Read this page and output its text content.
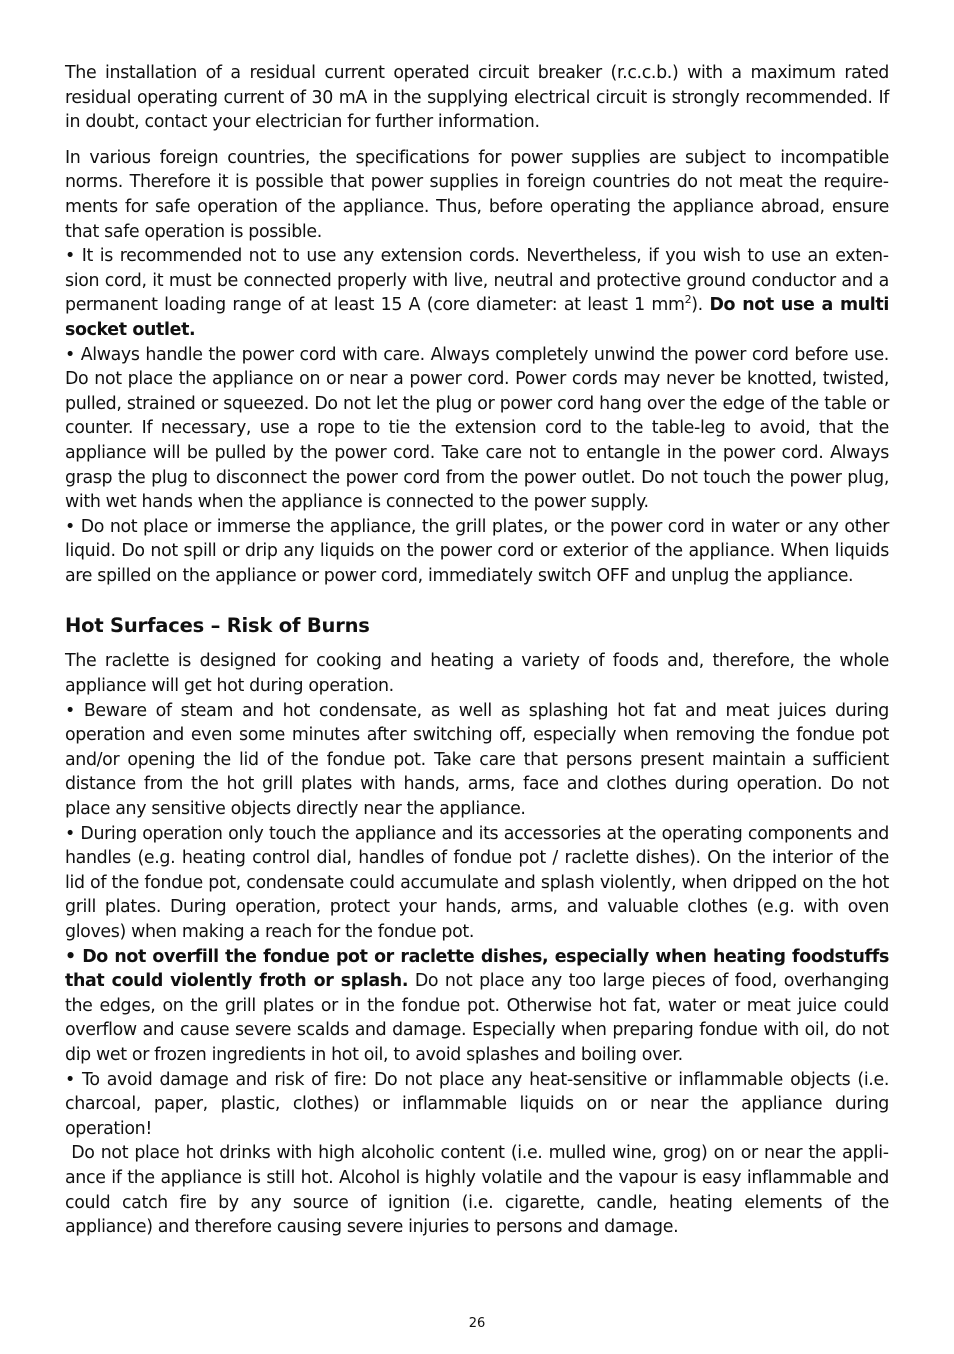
The installation of a residual current operated circuit breaker (r.c.c.b.) with a maximum rated residual operating current of 30 mA in the supplying electrical circuit is strongly recommended. If in doubt, contact your electrician for further information.

In various foreign countries, the specifications for power supplies are subject to incompatible norms. Therefore it is possible that power supplies in foreign countries do not meat the requirements for safe operation of the appliance. Thus, before operating the appliance abroad, ensure that safe operation is possible.

• It is recommended not to use any extension cords. Nevertheless, if you wish to use an extension cord, it must be connected properly with live, neutral and protective ground conductor and a permanent loading range of at least 15 A (core diameter: at least 1 $mm^2$). Do not use a multi socket outlet.

• Always handle the power cord with care. Always completely unwind the power cord before use. Do not place the appliance on or near a power cord. Power cords may never be knotted, twisted, pulled, strained or squeezed. Do not let the plug or power cord hang over the edge of the table or counter. If necessary, use a rope to tie the extension cord to the table-leg to avoid, that the appliance will be pulled by the power cord. Take care not to entangle in the power cord. Always grasp the plug to disconnect the power cord from the power outlet. Do not touch the power plug, with wet hands when the appliance is connected to the power supply.

• Do not place or immerse the appliance, the grill plates, or the power cord in water or any other liquid. Do not spill or drip any liquids on the power cord or exterior of the appliance. When liquids are spilled on the appliance or power cord, immediately switch OFF and unplug the appliance.

Hot Surfaces – Risk of Burns

The raclette is designed for cooking and heating a variety of foods and, therefore, the whole appliance will get hot during operation.

• Beware of steam and hot condensate, as well as splashing hot fat and meat juices during operation and even some minutes after switching off, especially when removing the fondue pot and/or opening the lid of the fondue pot. Take care that persons present maintain a sufficient distance from the hot grill plates with hands, arms, face and clothes during operation. Do not place any sensitive objects directly near the appliance.

• During operation only touch the appliance and its accessories at the operating components and handles (e.g. heating control dial, handles of fondue pot / raclette dishes). On the interior of the lid of the fondue pot, condensate could accumulate and splash violently, when dripped on the hot grill plates. During operation, protect your hands, arms, and valuable clothes (e.g. with oven gloves) when making a reach for the fondue pot.

• Do not overfill the fondue pot or raclette dishes, especially when heating foodstuffs that could violently froth or splash. Do not place any too large pieces of food, overhanging the edges, on the grill plates or in the fondue pot. Otherwise hot fat, water or meat juice could overflow and cause severe scalds and damage. Especially when preparing fondue with oil, do not dip wet or frozen ingredients in hot oil, to avoid splashes and boiling over.

• To avoid damage and risk of fire: Do not place any heat-sensitive or inflammable objects (i.e. charcoal, paper, plastic, clothes) or inflammable liquids on or near the appliance during operation!

Do not place hot drinks with high alcoholic content (i.e. mulled wine, grog) on or near the appliance if the appliance is still hot. Alcohol is highly volatile and the vapour is easy inflammable and could catch fire by any source of ignition (i.e. cigarette, candle, heating elements of the appliance) and therefore causing severe injuries to persons and damage.

26
